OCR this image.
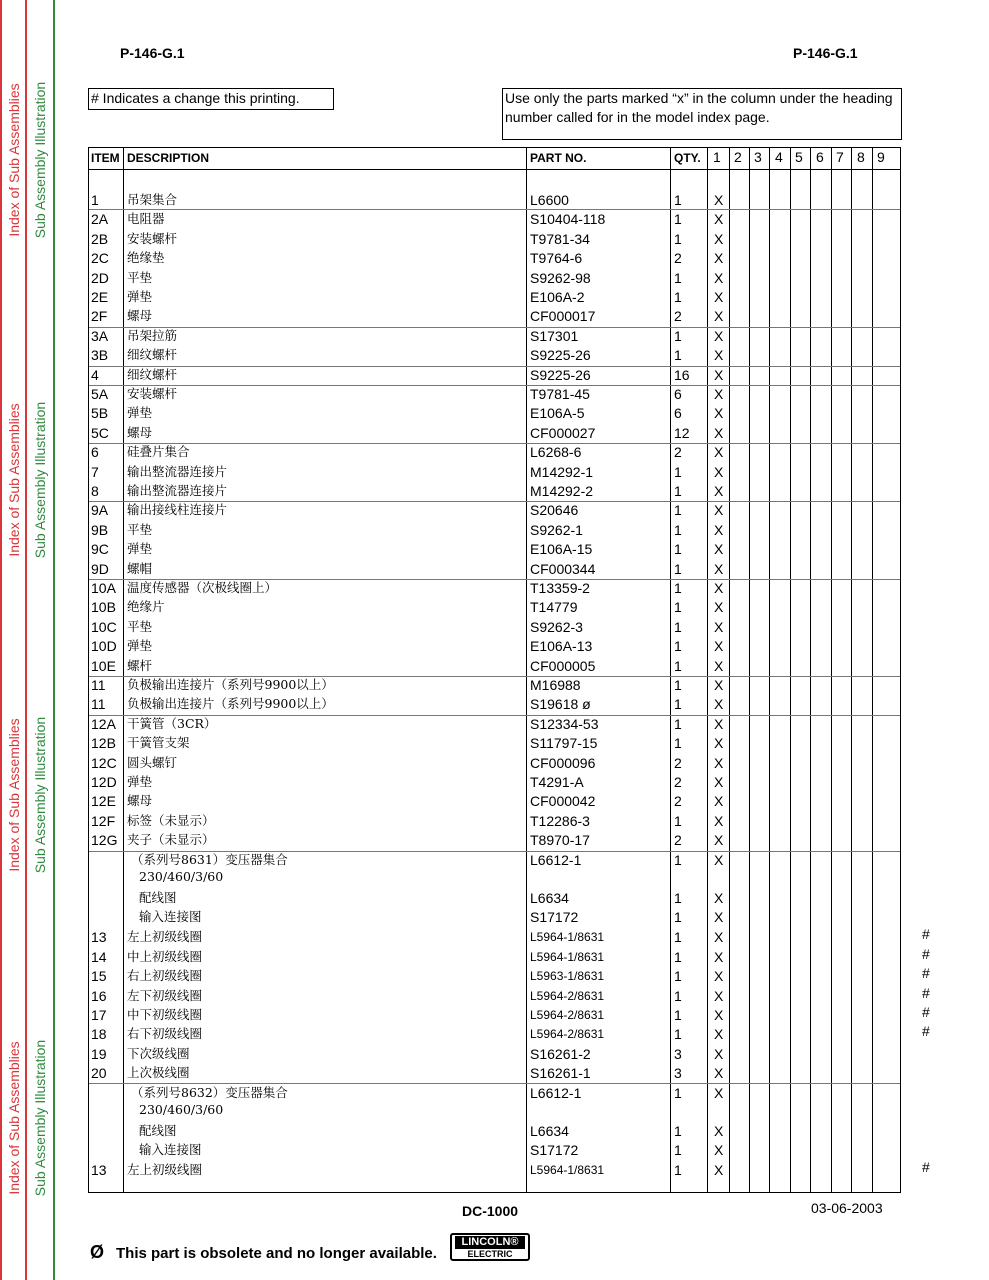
Index of Sub Assemblies
Index of Sub Assemblies
Index of Sub Assemblies
Index of Sub Assemblies
Sub Assembly Illustration
Sub Assembly Illustration
Sub Assembly Illustration
Sub Assembly Illustration
P-146-G.1	P-146-G.1
# Indicates a change this printing.	Use only the parts marked “x” in the column under the heading number called for in the model index page.
ITEM DESCRIPTION	PART NO.	QTY. 1 2 3 4 5 6 7 8 9
1 吊架集合	L6600	1 X
2A 电阻器	S10404-118	1 X
2B 安装螺杆	T9781-34	1 X
2C 绝缘垫	T9764-6	2 X
2D 平垫	S9262-98	1 X
2E 弹垫	E106A-2	1 X
2F 螺母	CF000017	2 X
3A 吊架拉筋	S17301	1 X
3B 细纹螺杆	S9225-26	1 X
4 细纹螺杆	S9225-26	16 X
5A 安装螺杆	T9781-45	6 X
5B 弹垫	E106A-5	6 X
5C 螺母	CF000027	12 X
6 硅叠片集合	L6268-6	2 X
7 输出整流器连接片	M14292-1	1 X
8 输出整流器连接片	M14292-2	1 X
9A 输出接线柱连接片	S20646	1 X
9B 平垫	S9262-1	1 X
9C 弹垫	E106A-15	1 X
9D 螺帽	CF000344	1 X
10A 温度传感器（次极线圈上）	T13359-2	1 X
10B 绝缘片	T14779	1 X
10C 平垫	S9262-3	1 X
10D 弹垫	E106A-13	1 X
10E 螺杆	CF000005	1 X
11 负极输出连接片（系列号9900以上）	M16988	1 X
11 负极输出连接片（系列号9900以上）	S19618 ø	1 X
12A 干簧管（3CR）	S12334-53	1 X
12B 干簧管支架	S11797-15	1 X
12C 圆头螺钉	CF000096	2 X
12D 弹垫	T4291-A	2 X
12E 螺母	CF000042	2 X
12F 标签（未显示）	T12286-3	1 X
12G 夹子（未显示）	T8970-17	2 X
（系列号8631）变压器集合	L6612-1	1 X
230/460/3/60
配线图	L6634	1 X
输入连接图	S17172	1 X
13 左上初级线圈	L5964-1/8631	1 X
14 中上初级线圈	L5964-1/8631	1 X
15 右上初级线圈	L5963-1/8631	1 X
16 左下初级线圈	L5964-2/8631	1 X
17 中下初级线圈	L5964-2/8631	1 X
18 右下初级线圈	L5964-2/8631	1 X
19 下次级线圈	S16261-2	3 X
20 上次极线圈	S16261-1	3 X
（系列号8632）变压器集合	L6612-1	1 X
230/460/3/60
配线图	L6634	1 X
输入连接图	S17172	1 X
13 左上初级线圈	L5964-1/8631	1 X
DC-1000	03-06-2003
Ø This part is obsolete and no longer available.
LINCOLN®
ELECTRIC
#
#
#
#
#
#
#
